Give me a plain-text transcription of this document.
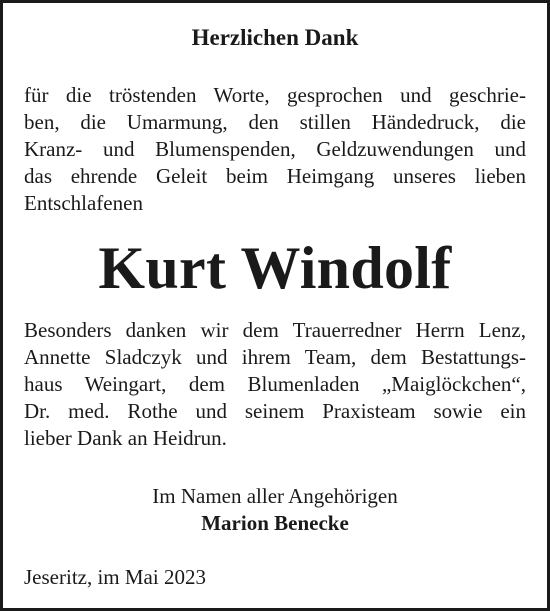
Herzlichen Dank

für die tröstenden Worte, gesprochen und geschrie-
ben, die Umarmung, den stillen Händedruck, die
Kranz- und Blumenspenden, Geldzuwendungen und
das ehrende Geleit beim Heimgang unseres lieben
Entschlafenen

Kurt Windolf

Besonders danken wir dem Trauerredner Herrn Lenz,
Annette Sladczyk und ihrem Team, dem Bestattungs-
haus Weingart, dem Blumenladen „Maiglöckchen“,
Dr. med. Rothe und seinem Praxisteam sowie ein
lieber Dank an Heidrun.

Im Namen aller Angehörigen
Marion Benecke
Jeseritz, im Mai 2023
